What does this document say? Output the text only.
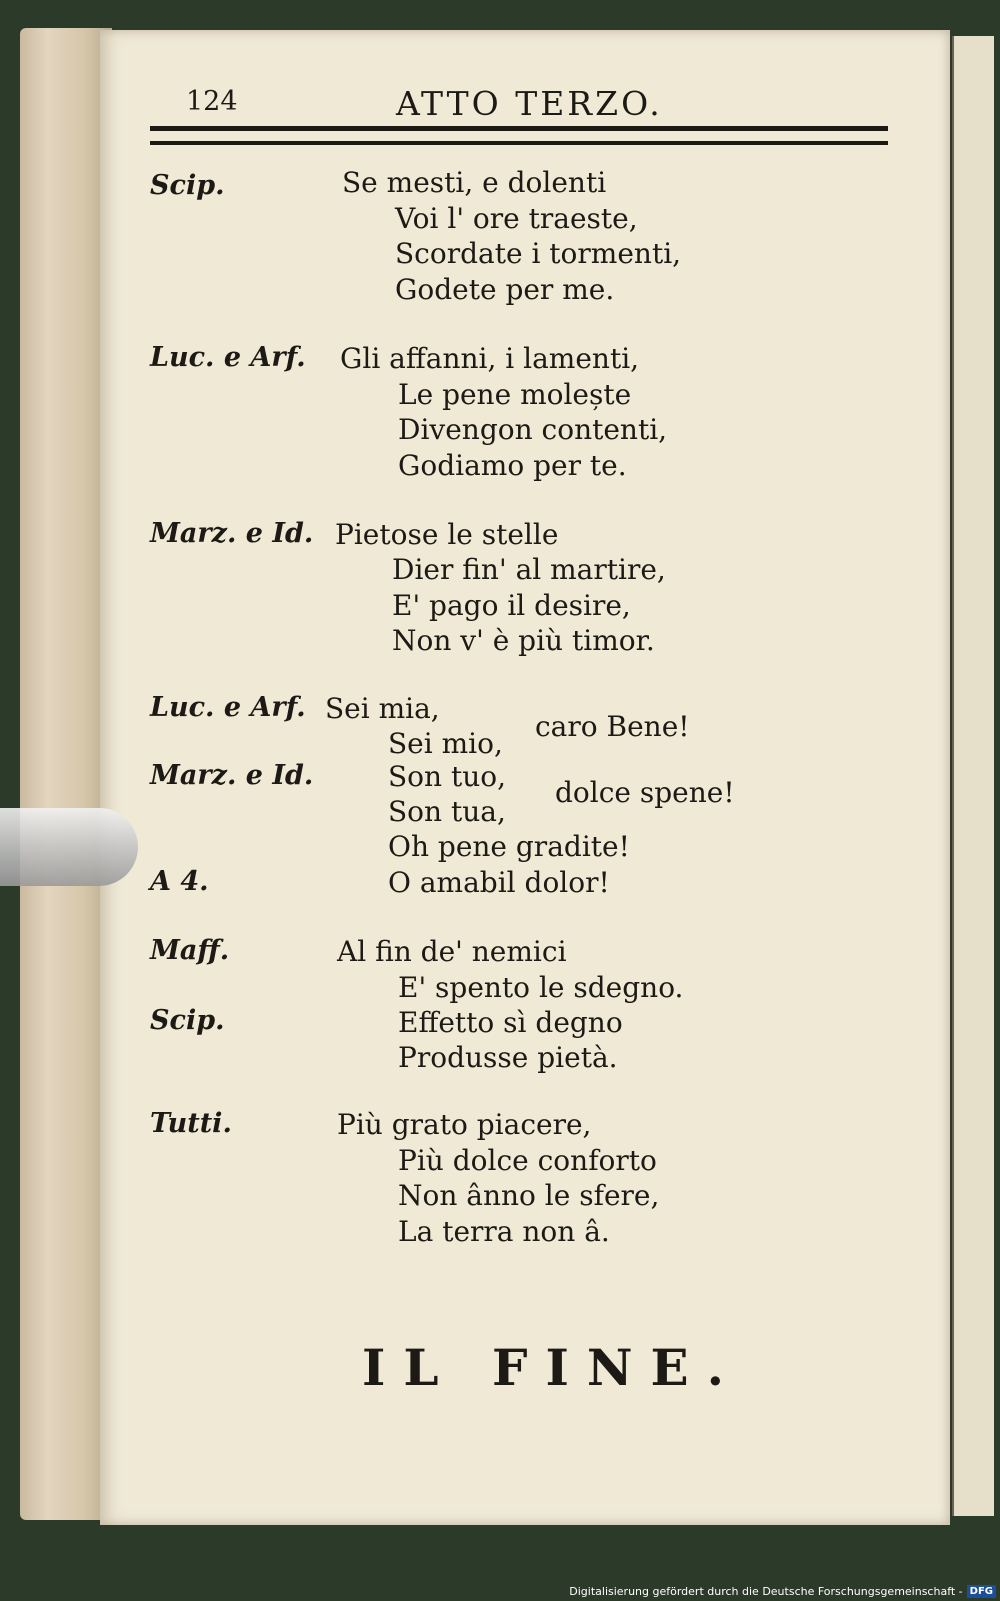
124	ATTO TERZO.
Scip.	Se mesti, e dolenti
Voi l' ore traeste,
Scordate i tormenti,
Godete per me.
Luc. e Arf. Gli affanni, i lamenti,
Le pene molește
Divengon contenti,
Godiamo per te.
Marz. e Id. Pietose le stelle
Dier fin' al martire,
E' pago il desire,
Non v' è più timor.
Luc. e Arf. Sei mia,
Sei mio,
caro Bene!
Marz. e Id.	Son tuo,
Son tua,
dolce spene!
Oh pene gradite!
A 4.	O amabil dolor!
Maff.	Al fin de' nemici
E' spento le sdegno.
Scip.	Effetto sì degno
Produsse pietà.
Tutti.	Più grato piacere,
Più dolce conforto
Non ânno le sfere,
La terra non â.
IL FINE.
Digitalisierung gefördert durch die Deutsche Forschungsgemeinschaft - DFG
